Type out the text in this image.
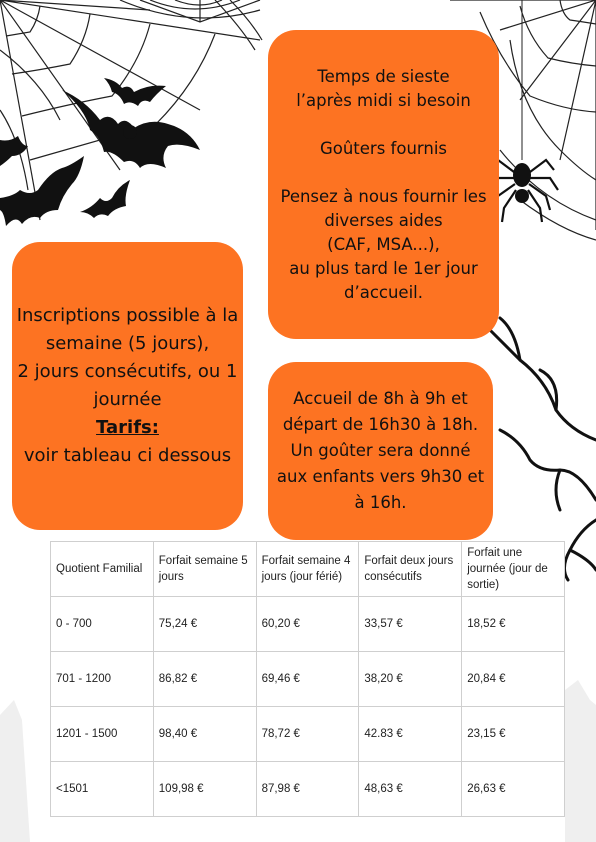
Temps de sieste

l’après midi si besoin

Goûters fournis

Pensez à nous fournir les diverses aides

(CAF, MSA...),

au plus tard le 1er jour d’accueil.

Inscriptions possible à la semaine (5 jours),

2 jours consécutifs, ou 1 journée

Tarifs:

voir tableau ci dessous

Accueil de 8h à 9h et départ de 16h30 à 18h. Un goûter sera donné aux enfants vers 9h30 et à 16h.

Quotient Familial	Forfait semaine 5 jours	Forfait semaine 4 jours (jour férié)	Forfait deux jours consécutifs	Forfait une journée (jour de sortie)
0 - 700	75,24 €	60,20 €	33,57 €	18,52 €
701 - 1200	86,82 €	69,46 €	38,20 €	20,84 €
1201 - 1500	98,40 €	78,72 €	42.83 €	23,15 €
<1501	109,98 €	87,98 €	48,63 €	26,63 €
